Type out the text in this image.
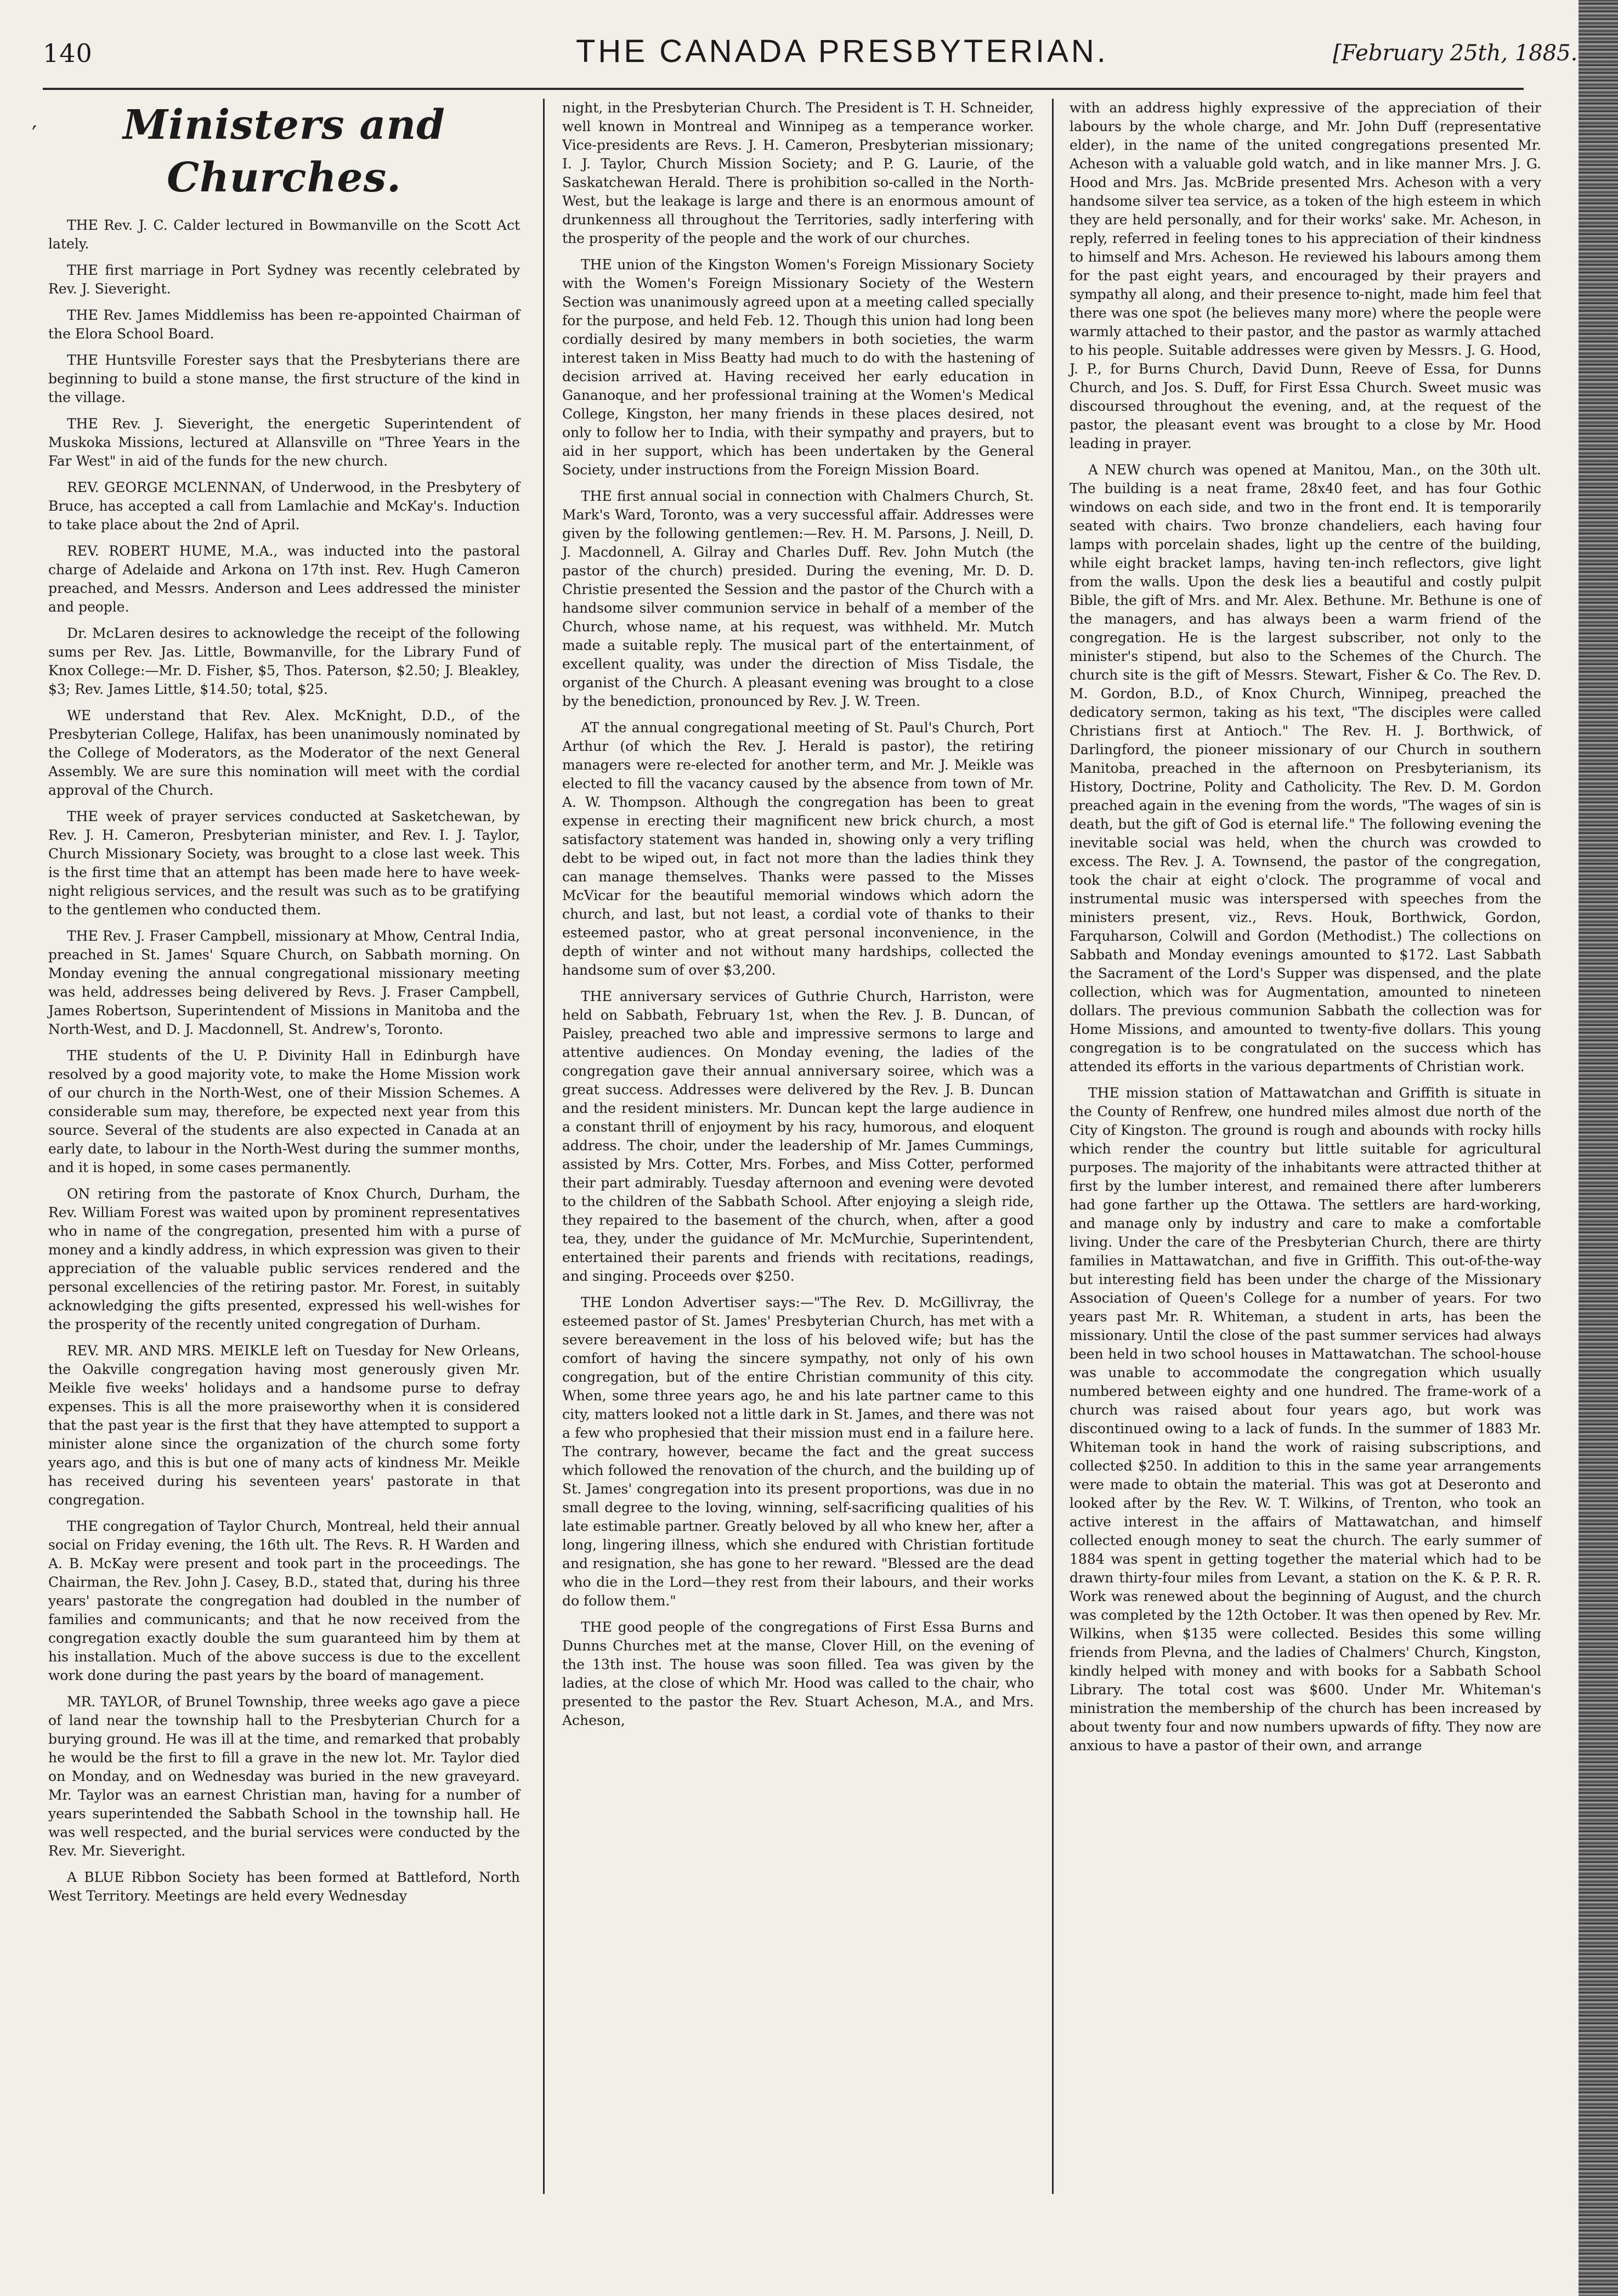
140	THE CANADA PRESBYTERIAN.	[February 25th, 1885.
′	Ministers and Churches.

THE Rev. J. C. Calder lectured in Bowmanville on the Scott Act lately.

THE first marriage in Port Sydney was recently celebrated by Rev. J. Sieveright.

THE Rev. James Middlemiss has been re-appointed Chairman of the Elora School Board.

THE Huntsville Forester says that the Presbyterians there are beginning to build a stone manse, the first structure of the kind in the village.

THE Rev. J. Sieveright, the energetic Superintendent of Muskoka Missions, lectured at Allansville on "Three Years in the Far West" in aid of the funds for the new church.

REV. GEORGE MCLENNAN, of Underwood, in the Presbytery of Bruce, has accepted a call from Lamlachie and McKay's. Induction to take place about the 2nd of April.

REV. ROBERT HUME, M.A., was inducted into the pastoral charge of Adelaide and Arkona on 17th inst. Rev. Hugh Cameron preached, and Messrs. Anderson and Lees addressed the minister and people.

Dr. McLaren desires to acknowledge the receipt of the following sums per Rev. Jas. Little, Bowmanville, for the Library Fund of Knox College:—Mr. D. Fisher, $5, Thos. Paterson, $2.50; J. Bleakley, $3; Rev. James Little, $14.50; total, $25.

WE understand that Rev. Alex. McKnight, D.D., of the Presbyterian College, Halifax, has been unanimously nominated by the College of Moderators, as the Moderator of the next General Assembly. We are sure this nomination will meet with the cordial approval of the Church.

THE week of prayer services conducted at Sasketchewan, by Rev. J. H. Cameron, Presbyterian minister, and Rev. I. J. Taylor, Church Missionary Society, was brought to a close last week. This is the first time that an attempt has been made here to have week-night religious services, and the result was such as to be gratifying to the gentlemen who conducted them.

THE Rev. J. Fraser Campbell, missionary at Mhow, Central India, preached in St. James' Square Church, on Sabbath morning. On Monday evening the annual congregational missionary meeting was held, addresses being delivered by Revs. J. Fraser Campbell, James Robertson, Superintendent of Missions in Manitoba and the North-West, and D. J. Macdonnell, St. Andrew's, Toronto.

THE students of the U. P. Divinity Hall in Edinburgh have resolved by a good majority vote, to make the Home Mission work of our church in the North-West, one of their Mission Schemes. A considerable sum may, therefore, be expected next year from this source. Several of the students are also expected in Canada at an early date, to labour in the North-West during the summer months, and it is hoped, in some cases permanently.

ON retiring from the pastorate of Knox Church, Durham, the Rev. William Forest was waited upon by prominent representatives who in name of the congregation, presented him with a purse of money and a kindly address, in which expression was given to their appreciation of the valuable public services rendered and the personal excellencies of the retiring pastor. Mr. Forest, in suitably acknowledging the gifts presented, expressed his well-wishes for the prosperity of the recently united congregation of Durham.

REV. MR. AND MRS. MEIKLE left on Tuesday for New Orleans, the Oakville congregation having most generously given Mr. Meikle five weeks' holidays and a handsome purse to defray expenses. This is all the more praiseworthy when it is considered that the past year is the first that they have attempted to support a minister alone since the organization of the church some forty years ago, and this is but one of many acts of kindness Mr. Meikle has received during his seventeen years' pastorate in that congregation.

THE congregation of Taylor Church, Montreal, held their annual social on Friday evening, the 16th ult. The Revs. R. H Warden and A. B. McKay were present and took part in the proceedings. The Chairman, the Rev. John J. Casey, B.D., stated that, during his three years' pastorate the congregation had doubled in the number of families and communicants; and that he now received from the congregation exactly double the sum guaranteed him by them at his installation. Much of the above success is due to the excellent work done during the past years by the board of management.

MR. TAYLOR, of Brunel Township, three weeks ago gave a piece of land near the township hall to the Presbyterian Church for a burying ground. He was ill at the time, and remarked that probably he would be the first to fill a grave in the new lot. Mr. Taylor died on Monday, and on Wednesday was buried in the new graveyard. Mr. Taylor was an earnest Christian man, having for a number of years superintended the Sabbath School in the township hall. He was well respected, and the burial services were conducted by the Rev. Mr. Sieveright.

A BLUE Ribbon Society has been formed at Battleford, North West Territory. Meetings are held every Wednesday

night, in the Presbyterian Church. The President is T. H. Schneider, well known in Montreal and Winnipeg as a temperance worker. Vice-presidents are Revs. J. H. Cameron, Presbyterian missionary; I. J. Taylor, Church Mission Society; and P. G. Laurie, of the Saskatchewan Herald. There is prohibition so-called in the North-West, but the leakage is large and there is an enormous amount of drunkenness all throughout the Territories, sadly interfering with the prosperity of the people and the work of our churches.

THE union of the Kingston Women's Foreign Missionary Society with the Women's Foreign Missionary Society of the Western Section was unanimously agreed upon at a meeting called specially for the purpose, and held Feb. 12. Though this union had long been cordially desired by many members in both societies, the warm interest taken in Miss Beatty had much to do with the hastening of decision arrived at. Having received her early education in Gananoque, and her professional training at the Women's Medical College, Kingston, her many friends in these places desired, not only to follow her to India, with their sympathy and prayers, but to aid in her support, which has been undertaken by the General Society, under instructions from the Foreign Mission Board.

THE first annual social in connection with Chalmers Church, St. Mark's Ward, Toronto, was a very successful affair. Addresses were given by the following gentlemen:—Rev. H. M. Parsons, J. Neill, D. J. Macdonnell, A. Gilray and Charles Duff. Rev. John Mutch (the pastor of the church) presided. During the evening, Mr. D. D. Christie presented the Session and the pastor of the Church with a handsome silver communion service in behalf of a member of the Church, whose name, at his request, was withheld. Mr. Mutch made a suitable reply. The musical part of the entertainment, of excellent quality, was under the direction of Miss Tisdale, the organist of the Church. A pleasant evening was brought to a close by the benediction, pronounced by Rev. J. W. Treen.

AT the annual congregational meeting of St. Paul's Church, Port Arthur (of which the Rev. J. Herald is pastor), the retiring managers were re-elected for another term, and Mr. J. Meikle was elected to fill the vacancy caused by the absence from town of Mr. A. W. Thompson. Although the congregation has been to great expense in erecting their magnificent new brick church, a most satisfactory statement was handed in, showing only a very trifling debt to be wiped out, in fact not more than the ladies think they can manage themselves. Thanks were passed to the Misses McVicar for the beautiful memorial windows which adorn the church, and last, but not least, a cordial vote of thanks to their esteemed pastor, who at great personal inconvenience, in the depth of winter and not without many hardships, collected the handsome sum of over $3,200.

THE anniversary services of Guthrie Church, Harriston, were held on Sabbath, February 1st, when the Rev. J. B. Duncan, of Paisley, preached two able and impressive sermons to large and attentive audiences. On Monday evening, the ladies of the congregation gave their annual anniversary soiree, which was a great success. Addresses were delivered by the Rev. J. B. Duncan and the resident ministers. Mr. Duncan kept the large audience in a constant thrill of enjoyment by his racy, humorous, and eloquent address. The choir, under the leadership of Mr. James Cummings, assisted by Mrs. Cotter, Mrs. Forbes, and Miss Cotter, performed their part admirably. Tuesday afternoon and evening were devoted to the children of the Sabbath School. After enjoying a sleigh ride, they repaired to the basement of the church, when, after a good tea, they, under the guidance of Mr. McMurchie, Superintendent, entertained their parents and friends with recitations, readings, and singing. Proceeds over $250.

THE London Advertiser says:—"The Rev. D. McGillivray, the esteemed pastor of St. James' Presbyterian Church, has met with a severe bereavement in the loss of his beloved wife; but has the comfort of having the sincere sympathy, not only of his own congregation, but of the entire Christian community of this city. When, some three years ago, he and his late partner came to this city, matters looked not a little dark in St. James, and there was not a few who prophesied that their mission must end in a failure here. The contrary, however, became the fact and the great success which followed the renovation of the church, and the building up of St. James' congregation into its present proportions, was due in no small degree to the loving, winning, self-sacrificing qualities of his late estimable partner. Greatly beloved by all who knew her, after a long, lingering illness, which she endured with Christian fortitude and resignation, she has gone to her reward. "Blessed are the dead who die in the Lord—they rest from their labours, and their works do follow them."

THE good people of the congregations of First Essa Burns and Dunns Churches met at the manse, Clover Hill, on the evening of the 13th inst. The house was soon filled. Tea was given by the ladies, at the close of which Mr. Hood was called to the chair, who presented to the pastor the Rev. Stuart Acheson, M.A., and Mrs. Acheson,

with an address highly expressive of the appreciation of their labours by the whole charge, and Mr. John Duff (representative elder), in the name of the united congregations presented Mr. Acheson with a valuable gold watch, and in like manner Mrs. J. G. Hood and Mrs. Jas. McBride presented Mrs. Acheson with a very handsome silver tea service, as a token of the high esteem in which they are held personally, and for their works' sake. Mr. Acheson, in reply, referred in feeling tones to his appreciation of their kindness to himself and Mrs. Acheson. He reviewed his labours among them for the past eight years, and encouraged by their prayers and sympathy all along, and their presence to-night, made him feel that there was one spot (he believes many more) where the people were warmly attached to their pastor, and the pastor as warmly attached to his people. Suitable addresses were given by Messrs. J. G. Hood, J. P., for Burns Church, David Dunn, Reeve of Essa, for Dunns Church, and Jos. S. Duff, for First Essa Church. Sweet music was discoursed throughout the evening, and, at the request of the pastor, the pleasant event was brought to a close by Mr. Hood leading in prayer.

A NEW church was opened at Manitou, Man., on the 30th ult. The building is a neat frame, 28x40 feet, and has four Gothic windows on each side, and two in the front end. It is temporarily seated with chairs. Two bronze chandeliers, each having four lamps with porcelain shades, light up the centre of the building, while eight bracket lamps, having ten-inch reflectors, give light from the walls. Upon the desk lies a beautiful and costly pulpit Bible, the gift of Mrs. and Mr. Alex. Bethune. Mr. Bethune is one of the managers, and has always been a warm friend of the congregation. He is the largest subscriber, not only to the minister's stipend, but also to the Schemes of the Church. The church site is the gift of Messrs. Stewart, Fisher & Co. The Rev. D. M. Gordon, B.D., of Knox Church, Winnipeg, preached the dedicatory sermon, taking as his text, "The disciples were called Christians first at Antioch." The Rev. H. J. Borthwick, of Darlingford, the pioneer missionary of our Church in southern Manitoba, preached in the afternoon on Presbyterianism, its History, Doctrine, Polity and Catholicity. The Rev. D. M. Gordon preached again in the evening from the words, "The wages of sin is death, but the gift of God is eternal life." The following evening the inevitable social was held, when the church was crowded to excess. The Rev. J. A. Townsend, the pastor of the congregation, took the chair at eight o'clock. The programme of vocal and instrumental music was interspersed with speeches from the ministers present, viz., Revs. Houk, Borthwick, Gordon, Farquharson, Colwill and Gordon (Methodist.) The collections on Sabbath and Monday evenings amounted to $172. Last Sabbath the Sacrament of the Lord's Supper was dispensed, and the plate collection, which was for Augmentation, amounted to nineteen dollars. The previous communion Sabbath the collection was for Home Missions, and amounted to twenty-five dollars. This young congregation is to be congratulated on the success which has attended its efforts in the various departments of Christian work.

THE mission station of Mattawatchan and Griffith is situate in the County of Renfrew, one hundred miles almost due north of the City of Kingston. The ground is rough and abounds with rocky hills which render the country but little suitable for agricultural purposes. The majority of the inhabitants were attracted thither at first by the lumber interest, and remained there after lumberers had gone farther up the Ottawa. The settlers are hard-working, and manage only by industry and care to make a comfortable living. Under the care of the Presbyterian Church, there are thirty families in Mattawatchan, and five in Griffith. This out-of-the-way but interesting field has been under the charge of the Missionary Association of Queen's College for a number of years. For two years past Mr. R. Whiteman, a student in arts, has been the missionary. Until the close of the past summer services had always been held in two school houses in Mattawatchan. The school-house was unable to accommodate the congregation which usually numbered between eighty and one hundred. The frame-work of a church was raised about four years ago, but work was discontinued owing to a lack of funds. In the summer of 1883 Mr. Whiteman took in hand the work of raising subscriptions, and collected $250. In addition to this in the same year arrangements were made to obtain the material. This was got at Deseronto and looked after by the Rev. W. T. Wilkins, of Trenton, who took an active interest in the affairs of Mattawatchan, and himself collected enough money to seat the church. The early summer of 1884 was spent in getting together the material which had to be drawn thirty-four miles from Levant, a station on the K. & P. R. R. Work was renewed about the beginning of August, and the church was completed by the 12th October. It was then opened by Rev. Mr. Wilkins, when $135 were collected. Besides this some willing friends from Plevna, and the ladies of Chalmers' Church, Kingston, kindly helped with money and with books for a Sabbath School Library. The total cost was $600. Under Mr. Whiteman's ministration the membership of the church has been increased by about twenty four and now numbers upwards of fifty. They now are anxious to have a pastor of their own, and arrange
